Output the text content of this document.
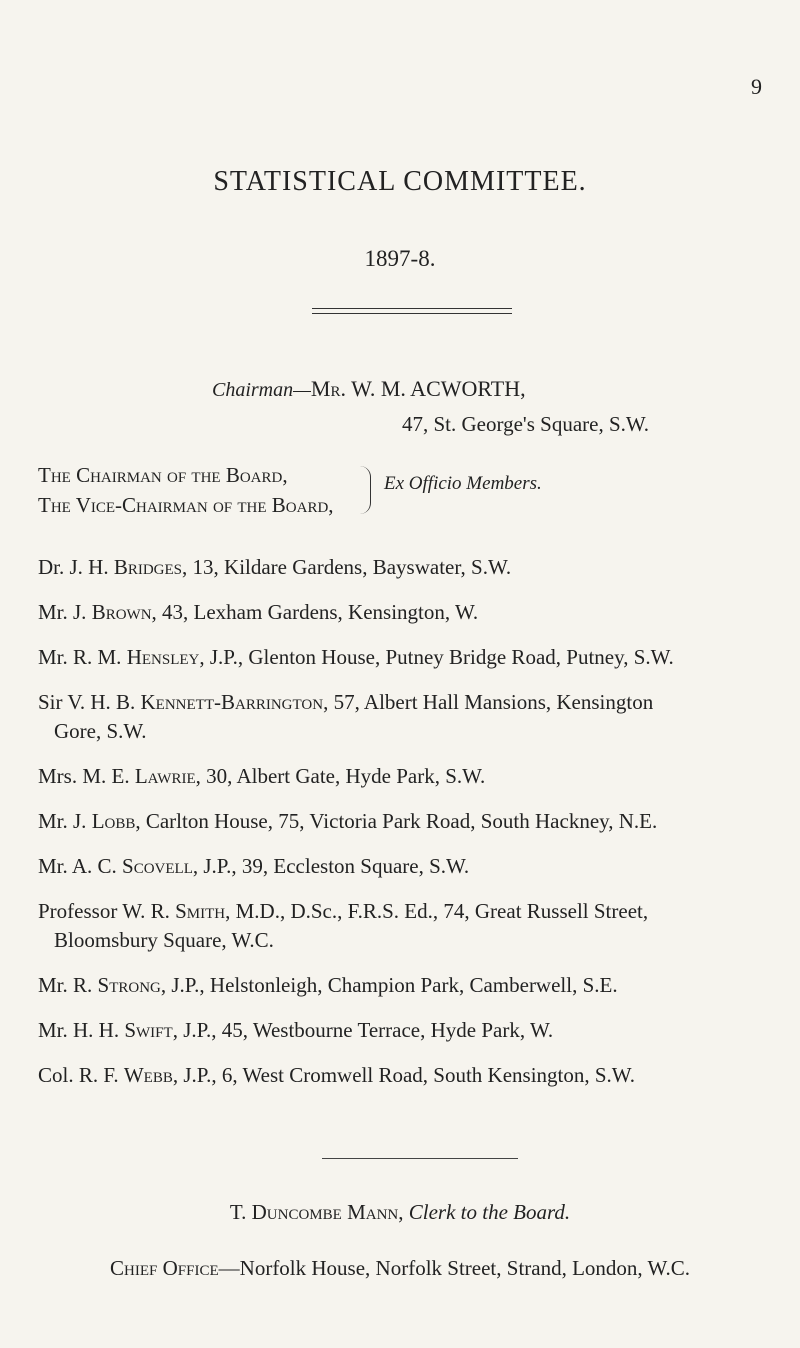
9
STATISTICAL COMMITTEE.
1897-8.
Chairman—Mr. W. M. ACWORTH,
47, St. George's Square, S.W.
The Chairman of the Board,
The Vice-Chairman of the Board,
Ex Officio Members.
Dr. J. H. Bridges, 13, Kildare Gardens, Bayswater, S.W.
Mr. J. Brown, 43, Lexham Gardens, Kensington, W.
Mr. R. M. Hensley, J.P., Glenton House, Putney Bridge Road, Putney, S.W.
Sir V. H. B. Kennett-Barrington, 57, Albert Hall Mansions, Kensington
Gore, S.W.
Mrs. M. E. Lawrie, 30, Albert Gate, Hyde Park, S.W.
Mr. J. Lobb, Carlton House, 75, Victoria Park Road, South Hackney, N.E.
Mr. A. C. Scovell, J.P., 39, Eccleston Square, S.W.
Professor W. R. Smith, M.D., D.Sc., F.R.S. Ed., 74, Great Russell Street,
Bloomsbury Square, W.C.
Mr. R. Strong, J.P., Helstonleigh, Champion Park, Camberwell, S.E.
Mr. H. H. Swift, J.P., 45, Westbourne Terrace, Hyde Park, W.
Col. R. F. Webb, J.P., 6, West Cromwell Road, South Kensington, S.W.
T. Duncombe Mann, Clerk to the Board.
Chief Office—Norfolk House, Norfolk Street, Strand, London, W.C.
